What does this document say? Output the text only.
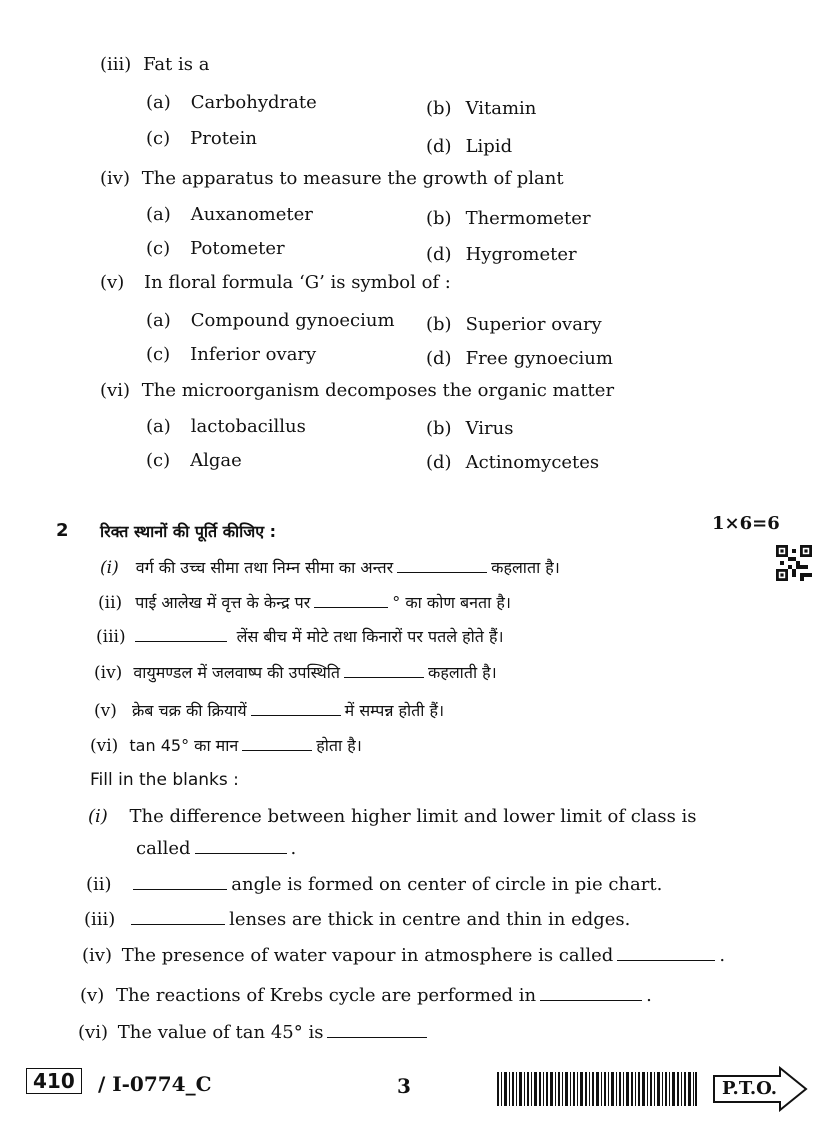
(iii) Fat is a
(a) Carbohydrate	(b) Vitamin
(c) Protein	(d) Lipid
(iv) The apparatus to measure the growth of plant
(a) Auxanometer	(b) Thermometer
(c) Potometer	(d) Hygrometer
(v) In floral formula ‘G’ is symbol of :
(a) Compound gynoecium (b) Superior ovary
(c) Inferior ovary	(d) Free gynoecium
(vi) The microorganism decomposes the organic matter
(a) lactobacillus	(b) Virus
(c) Algae	(d) Actinomycetes
2 रिक्त स्थानों की पूर्ति कीजिए :	1×6=6
(i) वर्ग की उच्च सीमा तथा निम्न सीमा का अन्तर	कहलाता है।
(ii) पाई आलेख में वृत्त के केन्द्र पर	° का कोण बनता है।
(iii)	लेंस बीच में मोटे तथा किनारों पर पतले होते हैं।
(iv) वायुमण्डल में जलवाष्प की उपस्थिति	कहलाती है।
(v) क्रेब चक्र की क्रियायें	में सम्पन्न होती हैं।
(vi) tan 45° का मान	होता है।
Fill in the blanks :
(i) The difference between higher limit and lower limit of class is
called	.
(ii)	angle is formed on center of circle in pie chart.
(iii)	lenses are thick in centre and thin in edges.
(iv) The presence of water vapour in atmosphere is called	.
(v) The reactions of Krebs cycle are performed in	.
(vi) The value of tan 45° is
410	/ I-0774_C	3	P.T.O.
